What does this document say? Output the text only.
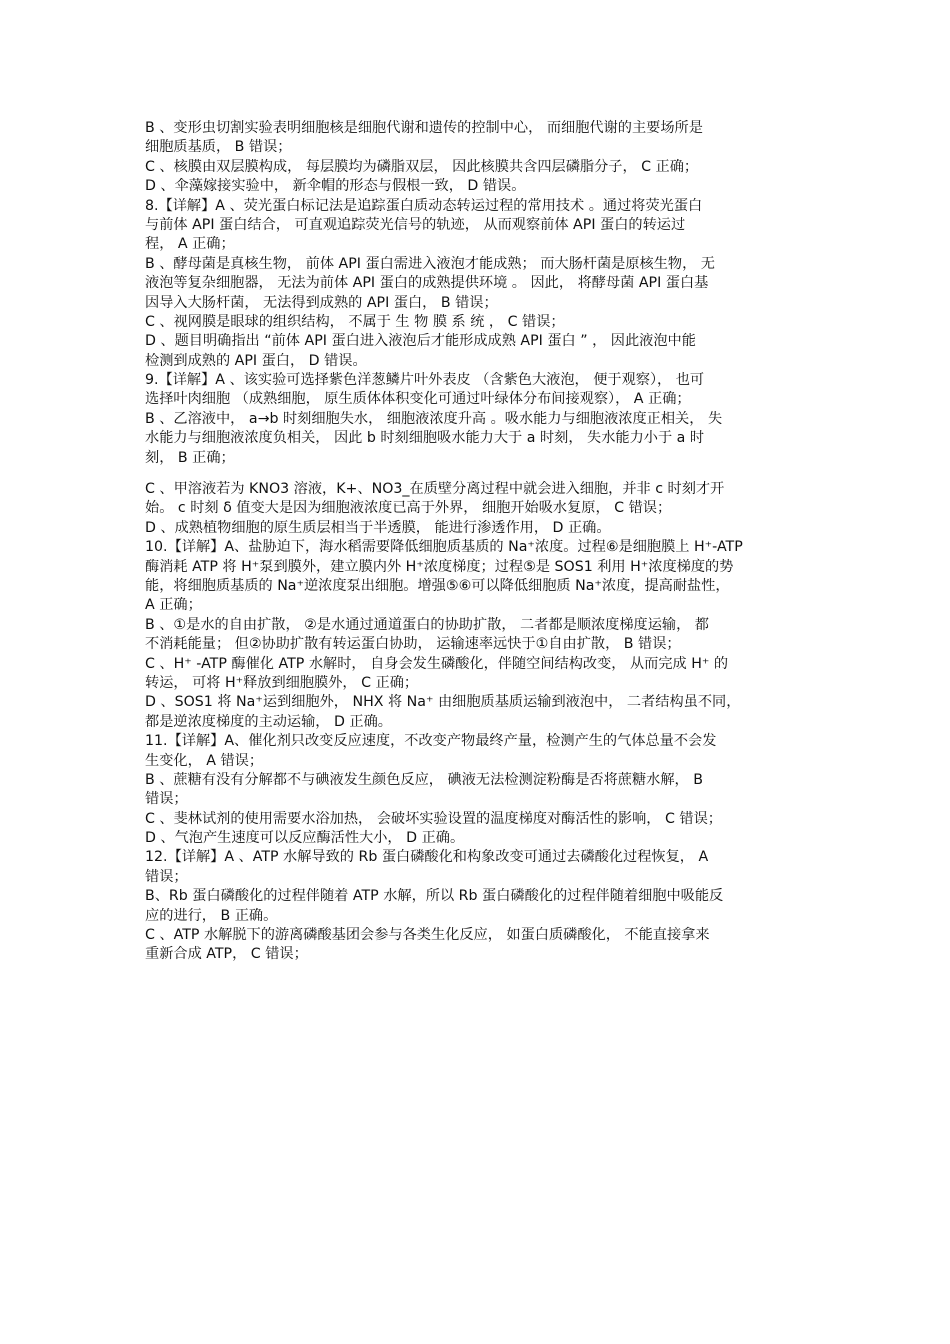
B 、变形虫切割实验表明细胞核是细胞代谢和遗传的控制中心， 而细胞代谢的主要场所是
细胞质基质， B 错误；
C 、核膜由双层膜构成， 每层膜均为磷脂双层， 因此核膜共含四层磷脂分子， C 正确；
D 、伞藻嫁接实验中， 新伞帽的形态与假根一致， D 错误。
8.【详解】A 、荧光蛋白标记法是追踪蛋白质动态转运过程的常用技术 。通过将荧光蛋白
与前体 API 蛋白结合， 可直观追踪荧光信号的轨迹， 从而观察前体 API 蛋白的转运过
程， A 正确；
B 、酵母菌是真核生物， 前体 API 蛋白需进入液泡才能成熟； 而大肠杆菌是原核生物， 无
液泡等复杂细胞器， 无法为前体 API 蛋白的成熟提供环境 。 因此， 将酵母菌 API 蛋白基
因导入大肠杆菌， 无法得到成熟的 API 蛋白， B 错误；
C 、视网膜是眼球的组织结构， 不属于 生 物 膜 系 统 ， C 错误；
D 、题目明确指出 “前体 API 蛋白进入液泡后才能形成成熟 API 蛋白 ” ， 因此液泡中能
检测到成熟的 API 蛋白， D 错误。
9.【详解】A 、该实验可选择紫色洋葱鳞片叶外表皮 （含紫色大液泡， 便于观察）， 也可
选择叶肉细胞 （成熟细胞， 原生质体体积变化可通过叶绿体分布间接观察）， A 正确；
B 、乙溶液中， a→b 时刻细胞失水， 细胞液浓度升高 。吸水能力与细胞液浓度正相关， 失
水能力与细胞液浓度负相关， 因此 b 时刻细胞吸水能力大于 a 时刻， 失水能力小于 a 时
刻， B 正确；
C 、甲溶液若为 KNO3 溶液，K+、NO3_在质壁分离过程中就会进入细胞，并非 c 时刻才开
始。 c 时刻 δ 值变大是因为细胞液浓度已高于外界， 细胞开始吸水复原， C 错误；
D 、成熟植物细胞的原生质层相当于半透膜， 能进行渗透作用， D 正确。
10.【详解】A、盐胁迫下，海水稻需要降低细胞质基质的 Na⁺浓度。过程⑥是细胞膜上 H⁺-ATP
酶消耗 ATP 将 H⁺泵到膜外，建立膜内外 H⁺浓度梯度；过程⑤是 SOS1 利用 H⁺浓度梯度的势
能，将细胞质基质的 Na⁺逆浓度泵出细胞。增强⑤⑥可以降低细胞质 Na⁺浓度，提高耐盐性，
A 正确；
B 、①是水的自由扩散， ②是水通过通道蛋白的协助扩散， 二者都是顺浓度梯度运输， 都
不消耗能量； 但②协助扩散有转运蛋白协助， 运输速率远快于①自由扩散， B 错误；
C 、H⁺ -ATP 酶催化 ATP 水解时， 自身会发生磷酸化，伴随空间结构改变， 从而完成 H⁺ 的
转运， 可将 H⁺释放到细胞膜外， C 正确；
D 、SOS1 将 Na⁺运到细胞外， NHX 将 Na⁺ 由细胞质基质运输到液泡中， 二者结构虽不同，
都是逆浓度梯度的主动运输， D 正确。
11.【详解】A、催化剂只改变反应速度，不改变产物最终产量，检测产生的气体总量不会发
生变化， A 错误；
B 、蔗糖有没有分解都不与碘液发生颜色反应， 碘液无法检测淀粉酶是否将蔗糖水解， B
错误；
C 、斐林试剂的使用需要水浴加热， 会破坏实验设置的温度梯度对酶活性的影响， C 错误；
D 、气泡产生速度可以反应酶活性大小， D 正确。
12.【详解】A 、ATP 水解导致的 Rb 蛋白磷酸化和构象改变可通过去磷酸化过程恢复， A
错误；
B、Rb 蛋白磷酸化的过程伴随着 ATP 水解，所以 Rb 蛋白磷酸化的过程伴随着细胞中吸能反
应的进行， B 正确。
C 、ATP 水解脱下的游离磷酸基团会参与各类生化反应， 如蛋白质磷酸化， 不能直接拿来
重新合成 ATP， C 错误；
